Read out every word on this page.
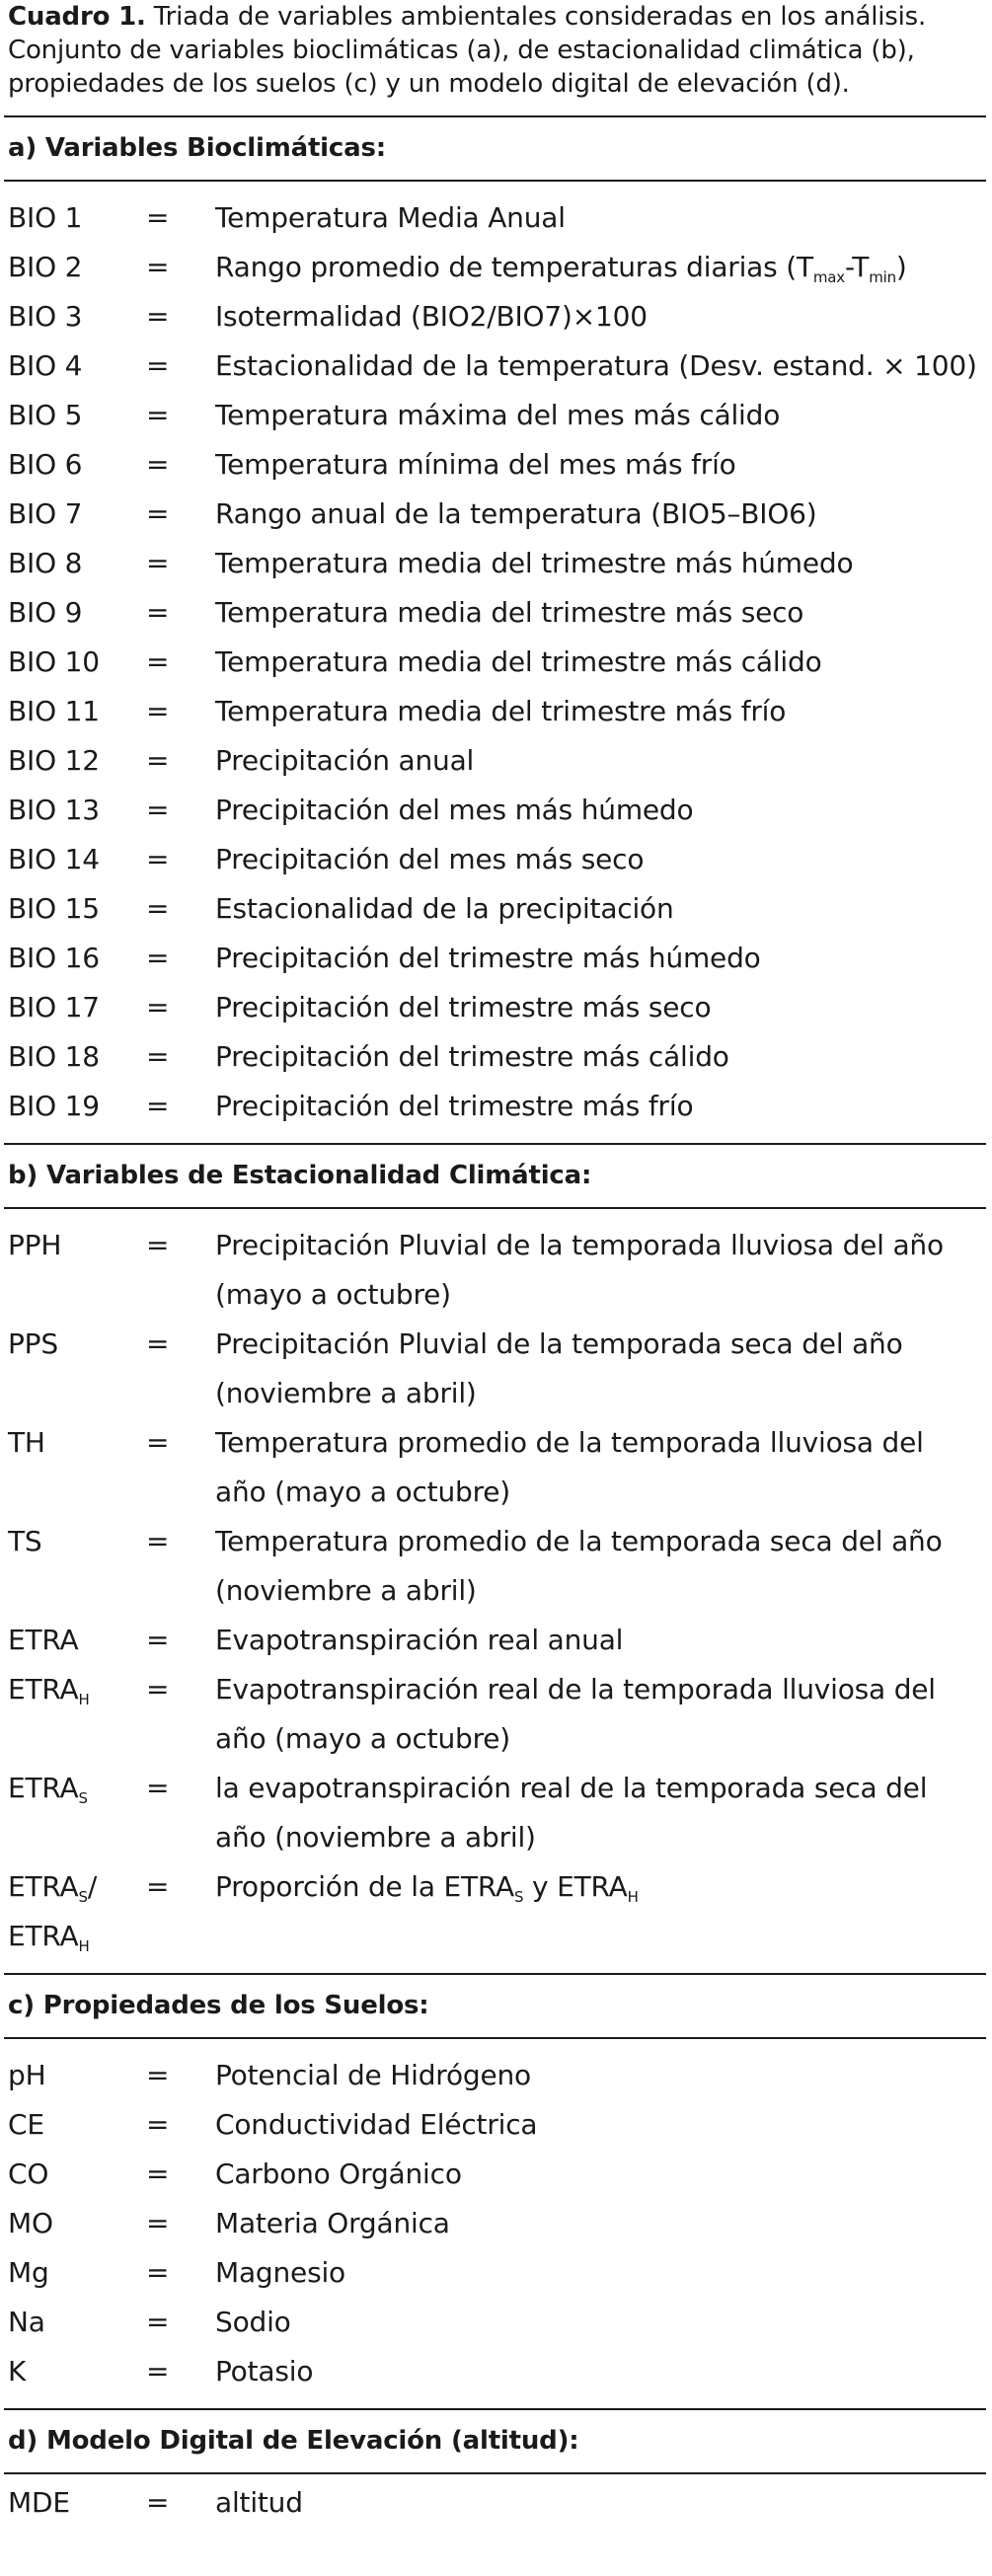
Cuadro 1. Triada de variables ambientales consideradas en los análisis. Conjunto de variables bioclimáticas (a), de estacionalidad climática (b), propiedades de los suelos (c) y un modelo digital de elevación (d).

a) Variables Bioclimáticas:
BIO 1	=	Temperatura Media Anual
BIO 2	=	Rango promedio de temperaturas diarias $(T_{max}-T_{min})$
BIO 3	=	Isotermalidad (BIO2/BIO7)×100
BIO 4	=	Estacionalidad de la temperatura (Desv. estand. × 100)
BIO 5	=	Temperatura máxima del mes más cálido
BIO 6	=	Temperatura mínima del mes más frío
BIO 7	=	Rango anual de la temperatura (BIO5–BIO6)
BIO 8	=	Temperatura media del trimestre más húmedo
BIO 9	=	Temperatura media del trimestre más seco
BIO 10	=	Temperatura media del trimestre más cálido
BIO 11	=	Temperatura media del trimestre más frío
BIO 12	=	Precipitación anual
BIO 13	=	Precipitación del mes más húmedo
BIO 14	=	Precipitación del mes más seco
BIO 15	=	Estacionalidad de la precipitación
BIO 16	=	Precipitación del trimestre más húmedo
BIO 17	=	Precipitación del trimestre más seco
BIO 18	=	Precipitación del trimestre más cálido
BIO 19	=	Precipitación del trimestre más frío
b) Variables de Estacionalidad Climática:
PPH	=	Precipitación Pluvial de la temporada lluviosa del año
(mayo a octubre)
PPS	=	Precipitación Pluvial de la temporada seca del año
(noviembre a abril)
TH	=	Temperatura promedio de la temporada lluviosa del
año (mayo a octubre)
TS	=	Temperatura promedio de la temporada seca del año
(noviembre a abril)
ETRA	=	Evapotranspiración real anual
$ETRA_H$	=	Evapotranspiración real de la temporada lluviosa del
año (mayo a octubre)
$ETRA_S$	=	la evapotranspiración real de la temporada seca del
año (noviembre a abril)
$ETRA_S/$
$ETRA_H$
=	Proporción de la $ETRA_S$ y $ETRA_H$
c) Propiedades de los Suelos:
pH	=	Potencial de Hidrógeno
CE	=	Conductividad Eléctrica
CO	=	Carbono Orgánico
MO	=	Materia Orgánica
Mg	=	Magnesio
Na	=	Sodio
K	=	Potasio
d) Modelo Digital de Elevación (altitud):
MDE	=	altitud
